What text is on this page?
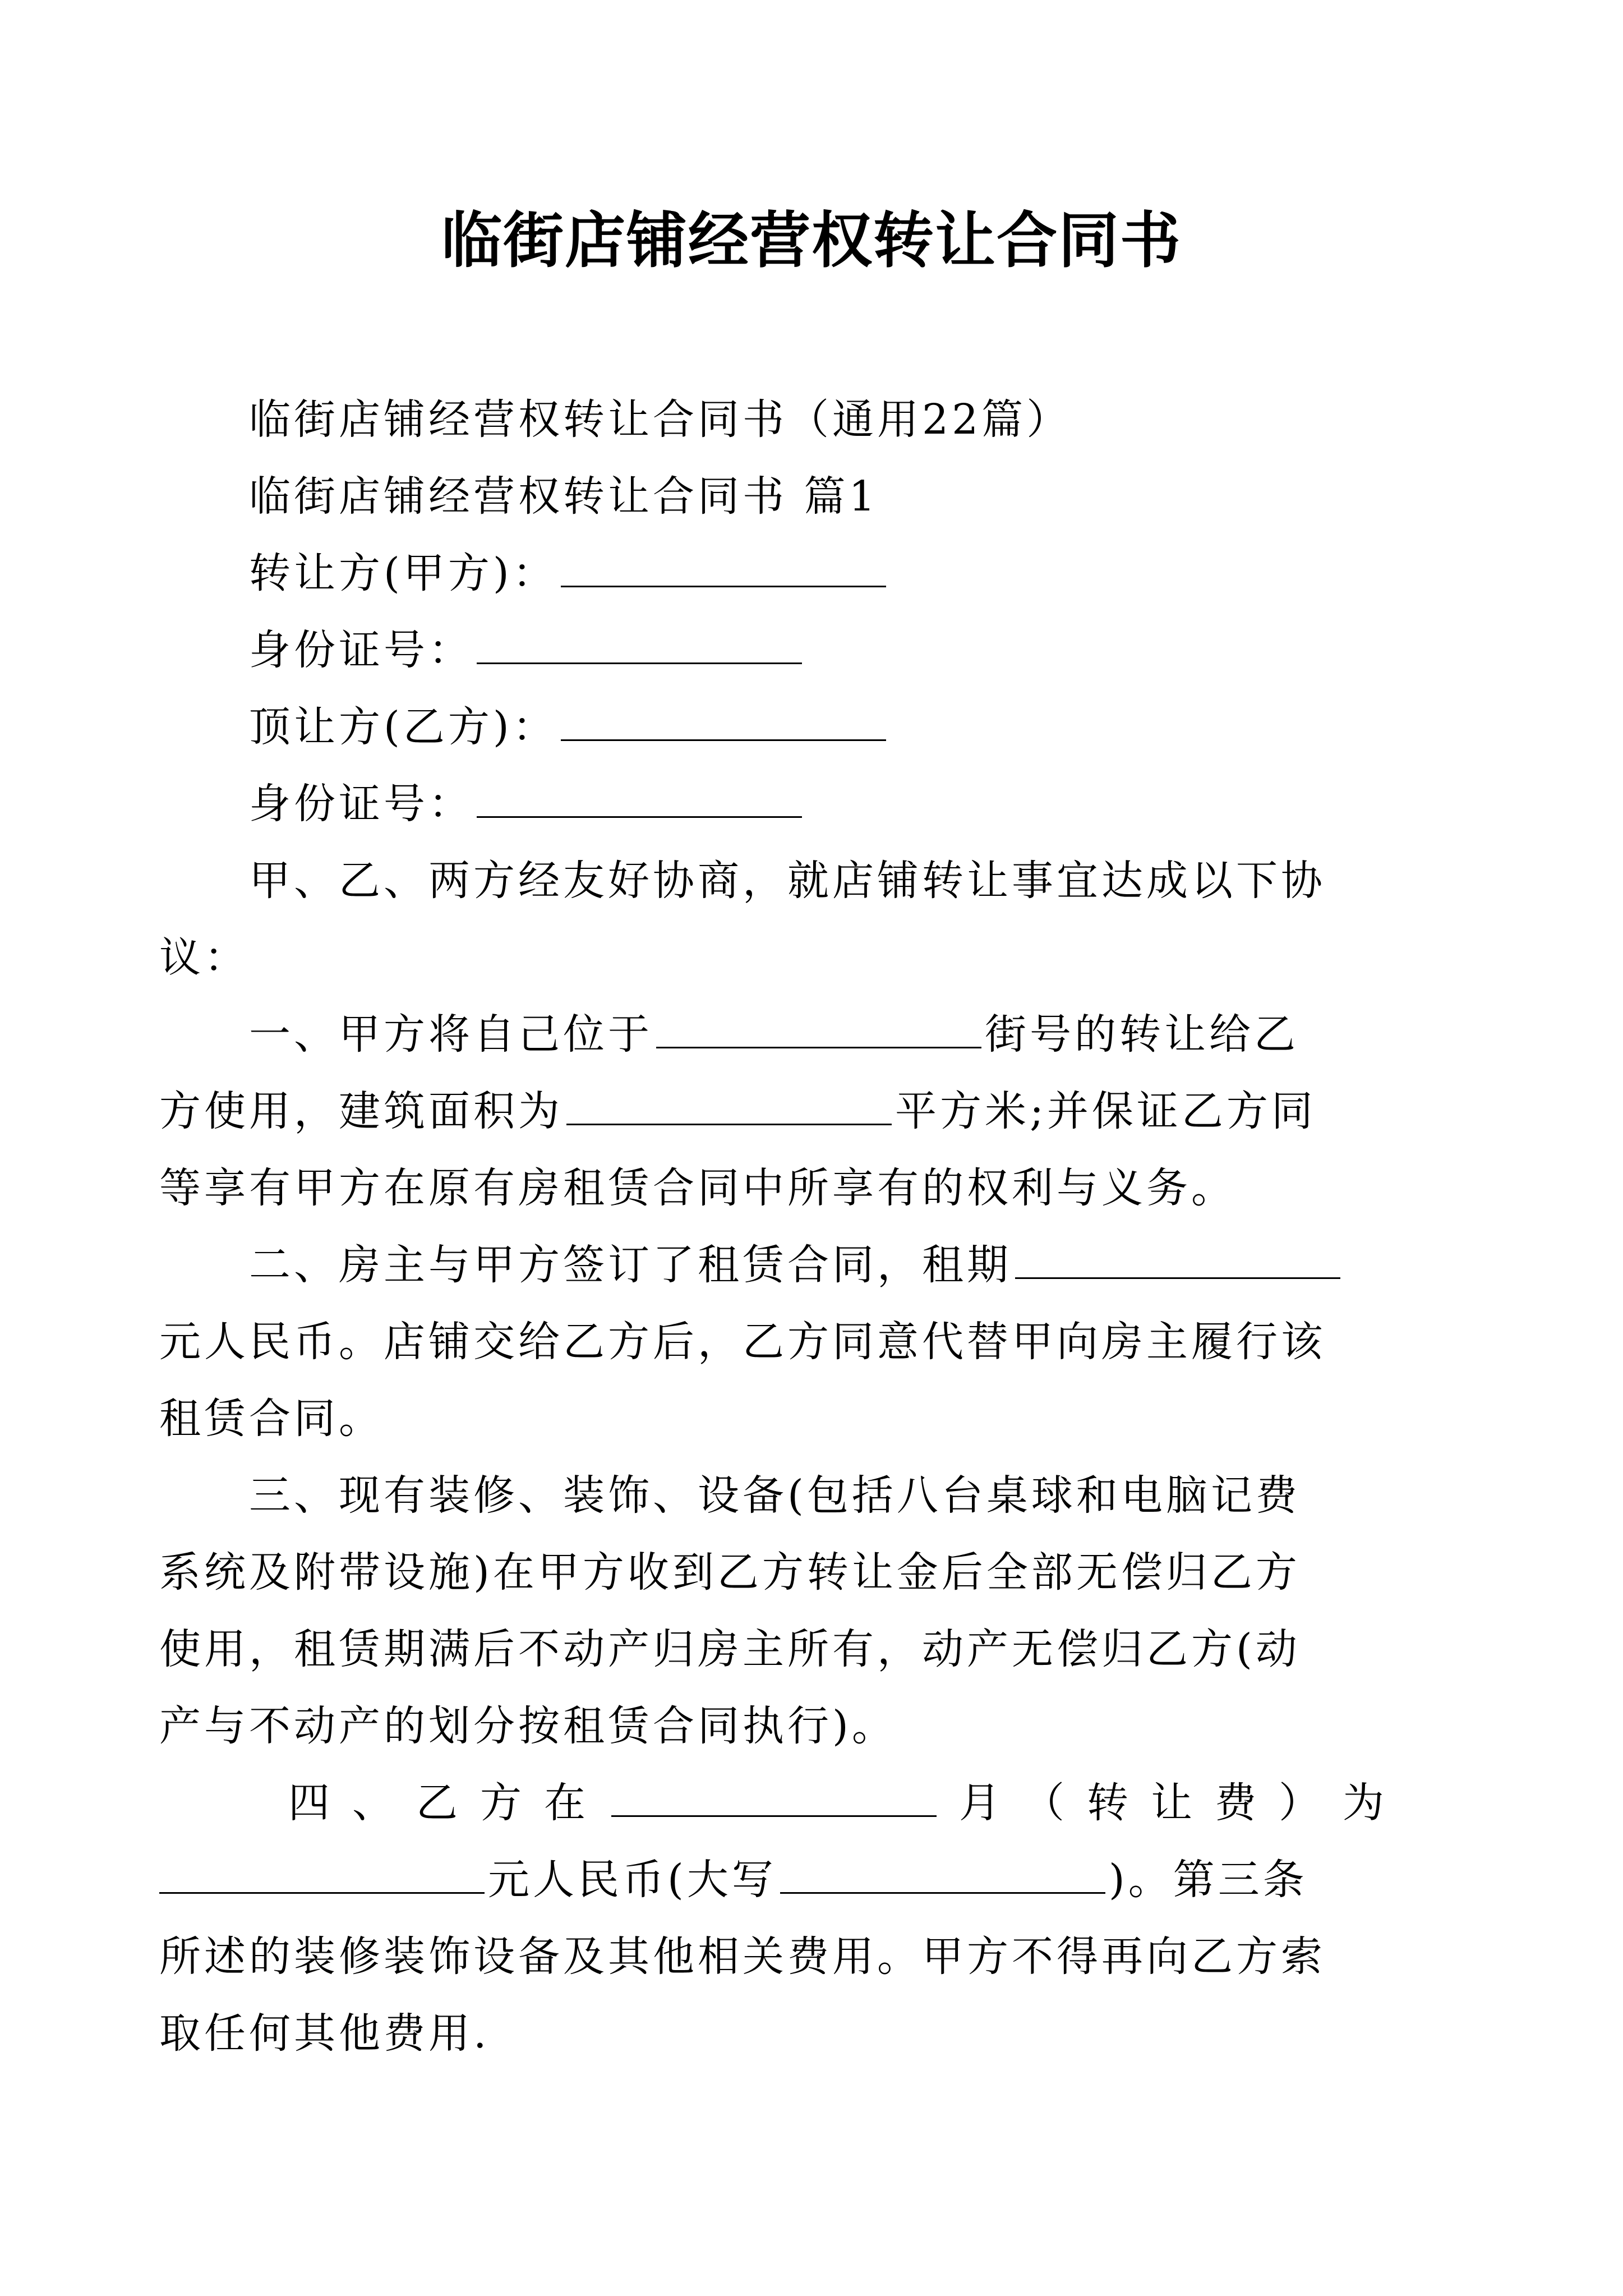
临街店铺经营权转让合同书
临街店铺经营权转让合同书（通用22篇）
临街店铺经营权转让合同书 篇1
转让方(甲方)：
身份证号：
顶让方(乙方)：
身份证号：
甲、乙、两方经友好协商，就店铺转让事宜达成以下协
议：
一、甲方将自己位于	街号的转让给乙
方使用，建筑面积为	平方米;并保证乙方同
等享有甲方在原有房租赁合同中所享有的权利与义务。
二、房主与甲方签订了租赁合同，租期
元人民币。店铺交给乙方后，乙方同意代替甲向房主履行该
租赁合同。
三、现有装修、装饰、设备(包括八台桌球和电脑记费
系统及附带设施)在甲方收到乙方转让金后全部无偿归乙方
使用，租赁期满后不动产归房主所有，动产无偿归乙方(动
产与不动产的划分按租赁合同执行)。
四 、 乙 方 在	月 （ 转 让 费 ） 为
元人民币(大写	)。第三条
所述的装修装饰设备及其他相关费用。甲方不得再向乙方索
取任何其他费用.
